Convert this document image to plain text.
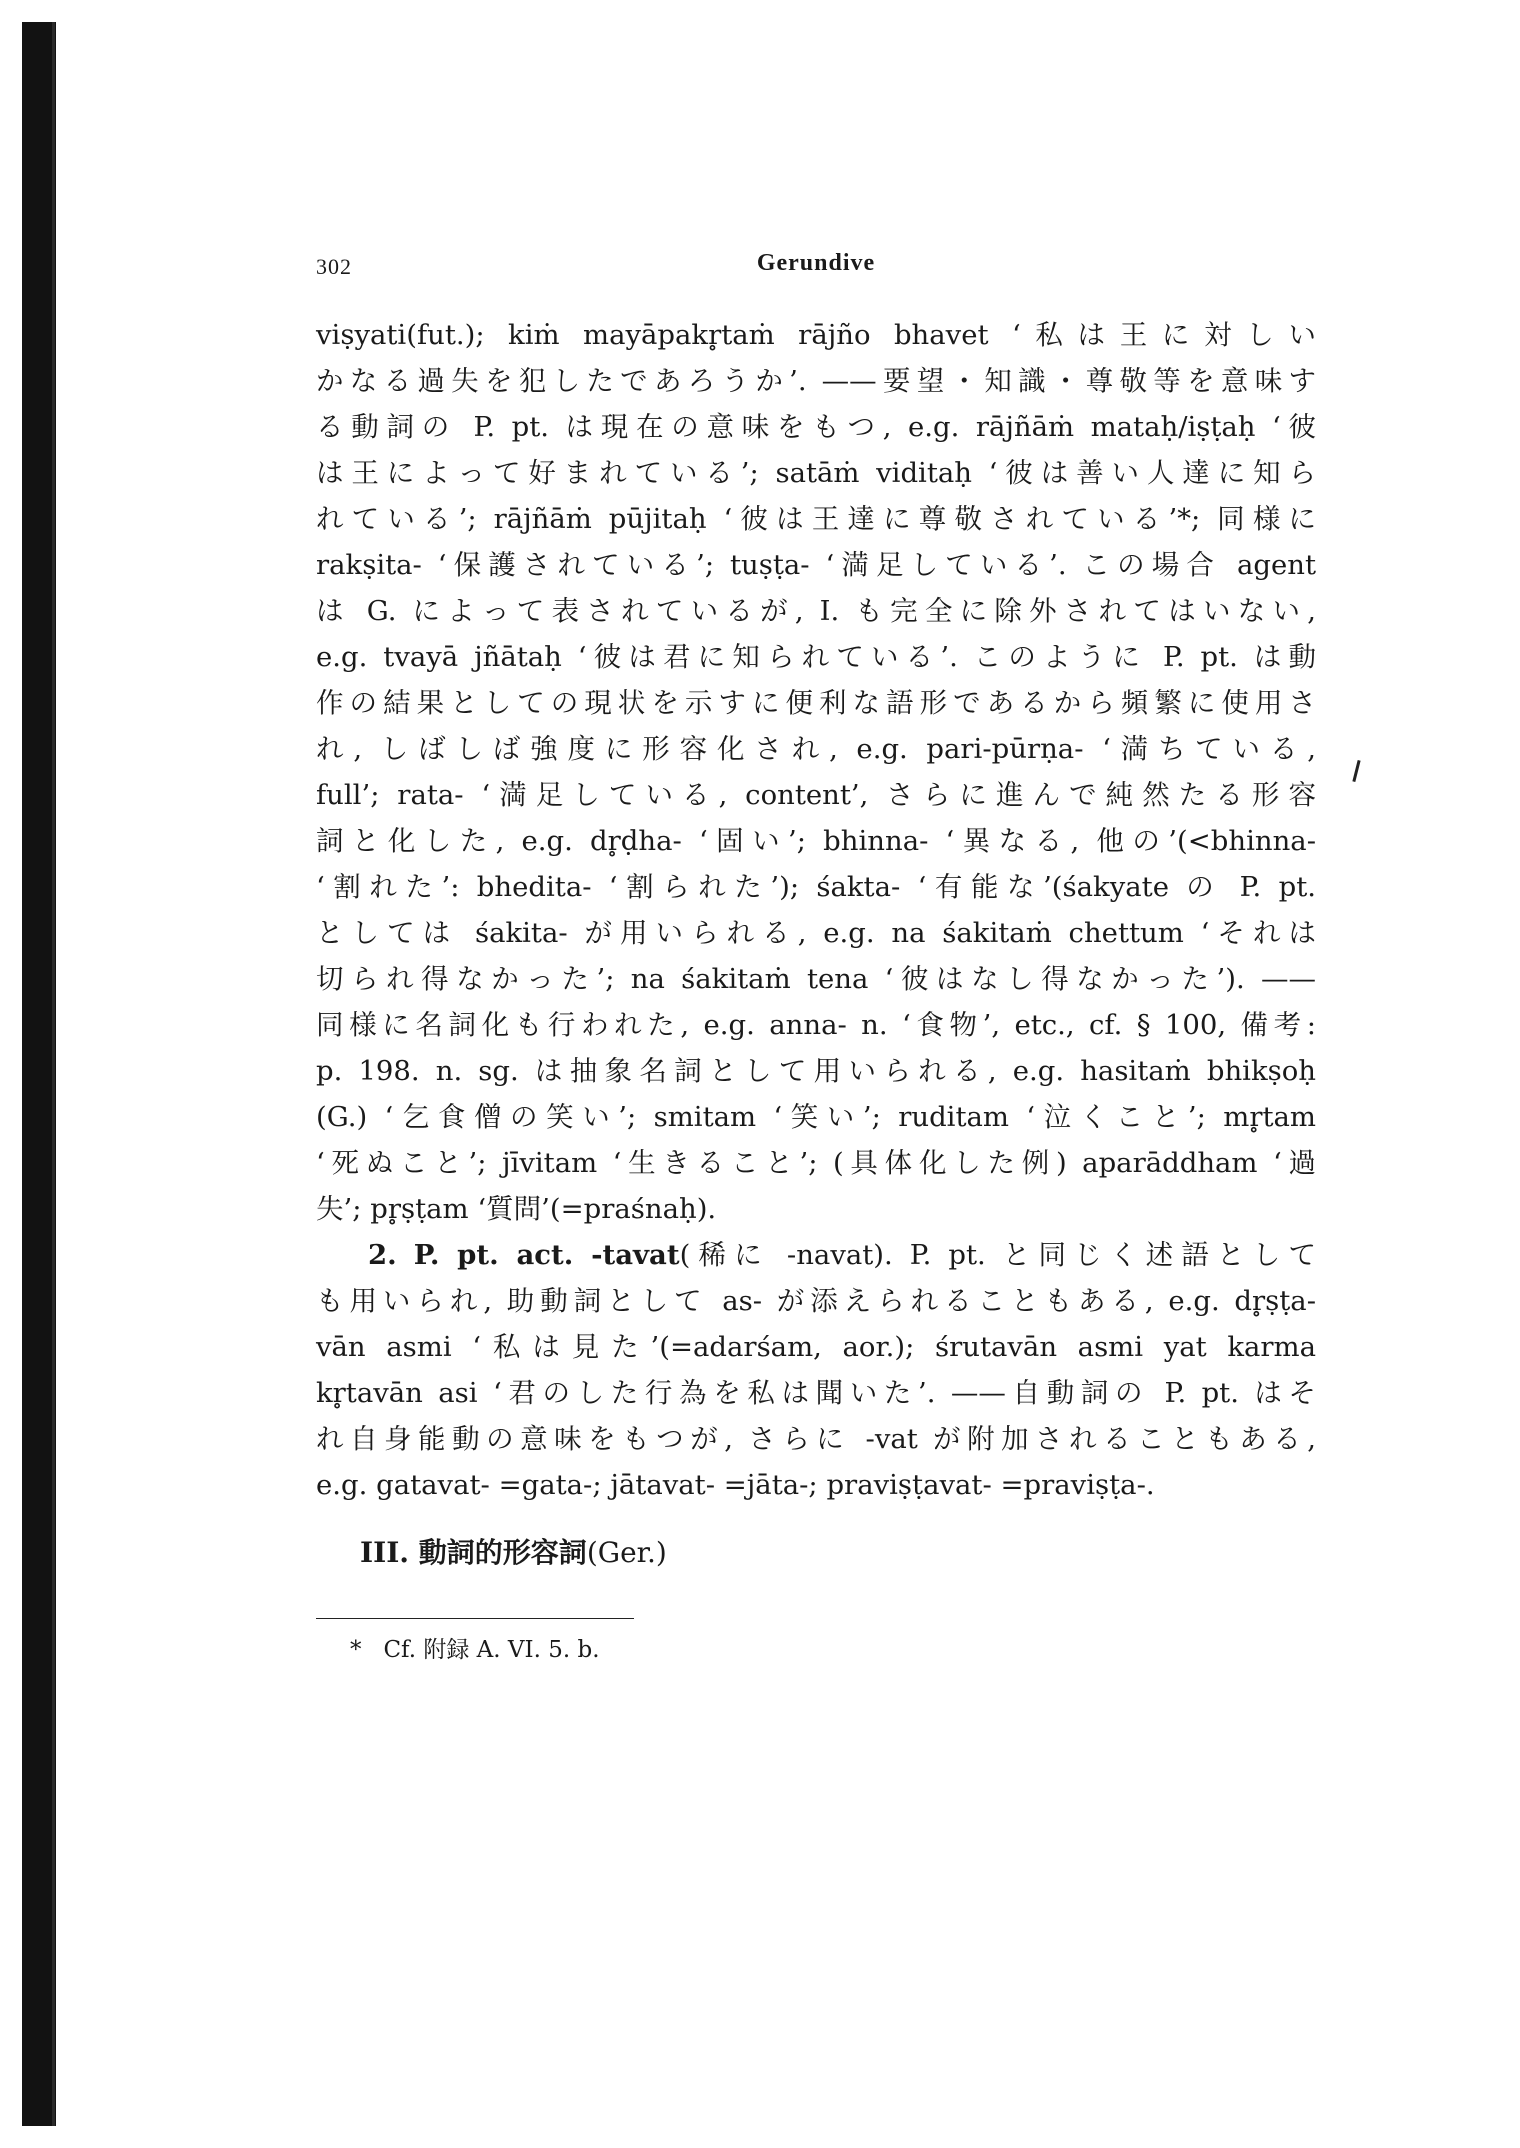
302	Gerundive
viṣyati(fut.); kiṁ mayāpakr̥taṁ rājño bhavet ‘私は王に対しい
かなる過失を犯したであろうか’. ——要望・知識・尊敬等を意味す
る動詞の P. pt. は現在の意味をもつ, e.g. rājñāṁ mataḥ/iṣṭaḥ ‘彼
は王によって好まれている’; satāṁ viditaḥ ‘彼は善い人達に知ら
れている’; rājñāṁ pūjitaḥ ‘彼は王達に尊敬されている’*; 同様に
rakṣita- ‘保護されている’; tuṣṭa- ‘満足している’. この場合 agent
は G. によって表されているが, I. も完全に除外されてはいない,
e.g. tvayā jñātaḥ ‘彼は君に知られている’. このように P. pt. は動
作の結果としての現状を示すに便利な語形であるから頻繁に使用さ
れ, しばしば強度に形容化され, e.g. pari-pūrṇa- ‘満ちている,
full’; rata- ‘満足している, content’, さらに進んで純然たる形容
詞と化した, e.g. dr̥ḍha- ‘固い’; bhinna- ‘異なる, 他の’(<bhinna-
‘割れた’: bhedita- ‘割られた’); śakta- ‘有能な’(śakyate の P. pt.
としては śakita- が用いられる, e.g. na śakitaṁ chettum ‘それは
切られ得なかった’; na śakitaṁ tena ‘彼はなし得なかった’). ——
同様に名詞化も行われた, e.g. anna- n. ‘食物’, etc., cf. § 100, 備考:
p. 198. n. sg. は抽象名詞として用いられる, e.g. hasitaṁ bhikṣoḥ
(G.) ‘乞食僧の笑い’; smitam ‘笑い’; ruditam ‘泣くこと’; mr̥tam
‘死ぬこと’; jīvitam ‘生きること’; (具体化した例) aparāddham ‘過
失’; pr̥ṣṭam ‘質問’(=praśnaḥ).
2. P. pt. act. -tavat(稀に -navat). P. pt. と同じく述語として
も用いられ, 助動詞として as- が添えられることもある, e.g. dr̥ṣṭa-
vān asmi ‘私は見た’(=adarśam, aor.); śrutavān asmi yat karma
kr̥tavān asi ‘君のした行為を私は聞いた’. ——自動詞の P. pt. はそ
れ自身能動の意味をもつが, さらに -vat が附加されることもある,
e.g. gatavat- =gata-; jātavat- =jāta-; praviṣṭavat- =praviṣṭa-.
III. 動詞的形容詞(Ger.)
* Cf. 附録 A. VI. 5. b.
